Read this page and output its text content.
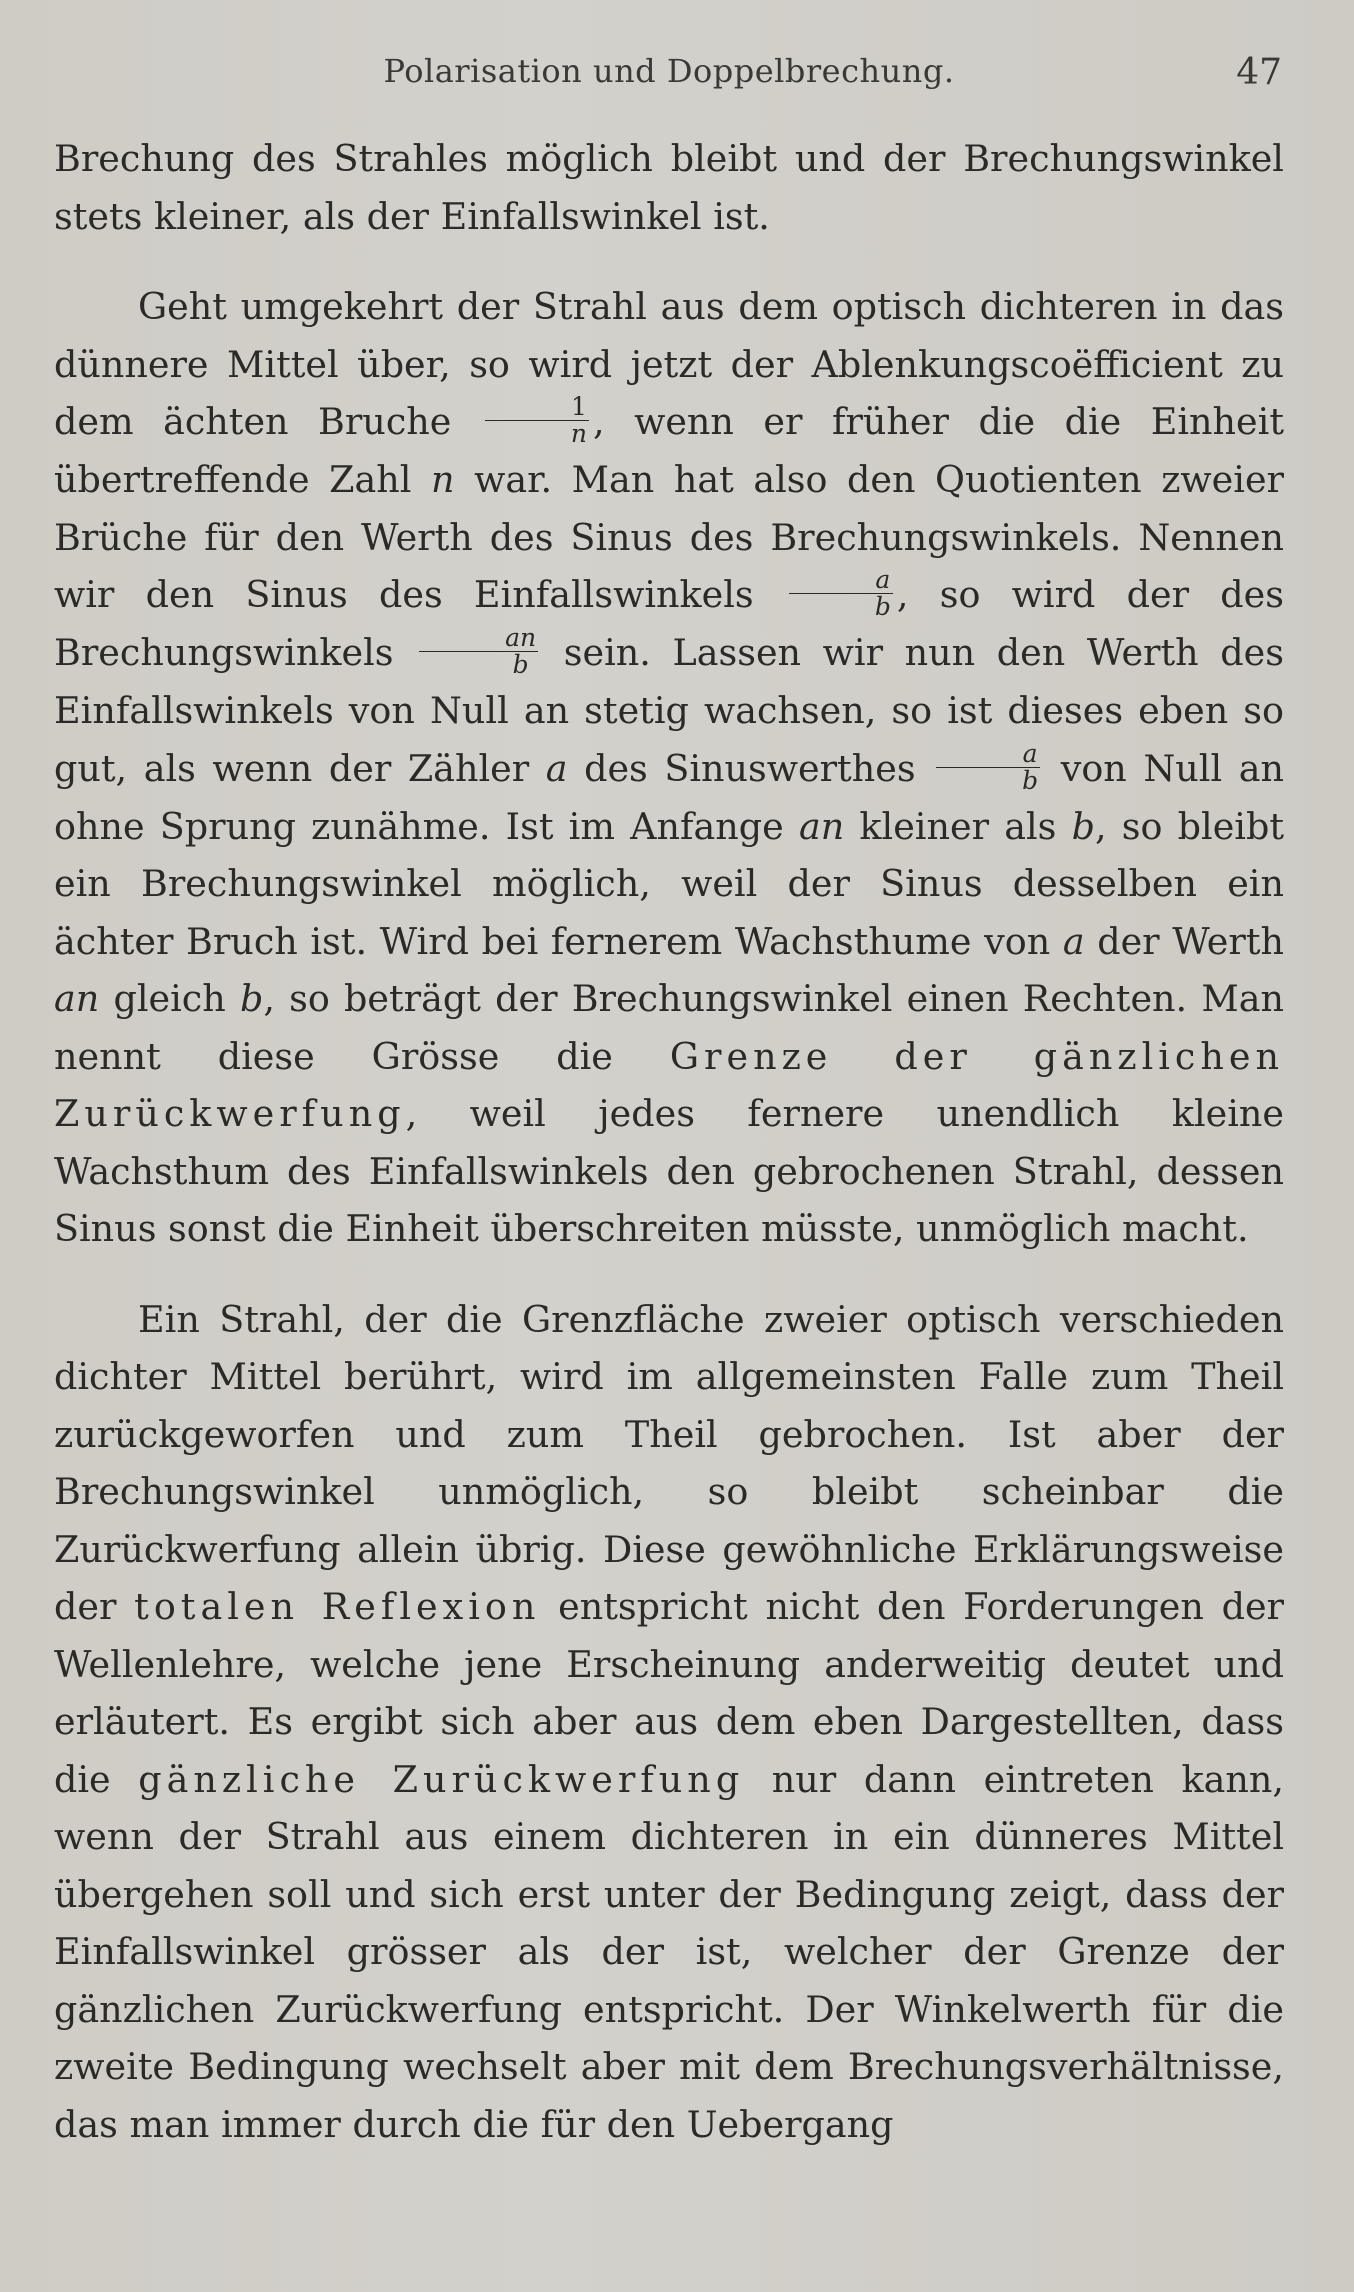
Polarisation und Doppelbrechung.	47

Brechung des Strahles möglich bleibt und der Brechungswinkel stets kleiner, als der Einfallswinkel ist.

Geht umgekehrt der Strahl aus dem optisch dichteren in das dünnere Mittel über, so wird jetzt der Ablenkungscoëfficient zu dem ächten Bruche $\frac{1}{n}$ , wenn er früher die die Einheit übertreffende Zahl n war. Man hat also den Quotienten zweier Brüche für den Werth des Sinus des Brechungswinkels. Nennen wir den Sinus des Einfallswinkels $\frac{a}{b}$ , so wird der des Brechungswinkels $\frac{an}{b}$ sein. Lassen wir nun den Werth des Einfallswinkels von Null an stetig wachsen, so ist dieses eben so gut, als wenn der Zähler a des Sinuswerthes $\frac{a}{b}$ von Null an ohne Sprung zunähme. Ist im Anfange an kleiner als b, so bleibt ein Brechungswinkel möglich, weil der Sinus desselben ein ächter Bruch ist. Wird bei fernerem Wachsthume von a der Werth an gleich b, so beträgt der Brechungswinkel einen Rechten. Man nennt diese Grösse die Grenze der gänzlichen Zurückwerfung, weil jedes fernere unendlich kleine Wachsthum des Einfallswinkels den gebrochenen Strahl, dessen Sinus sonst die Einheit überschreiten müsste, unmöglich macht.

Ein Strahl, der die Grenzfläche zweier optisch verschieden dichter Mittel berührt, wird im allgemeinsten Falle zum Theil zurückgeworfen und zum Theil gebrochen. Ist aber der Brechungswinkel unmöglich, so bleibt scheinbar die Zurückwerfung allein übrig. Diese gewöhnliche Erklärungsweise der totalen Reflexion entspricht nicht den Forderungen der Wellenlehre, welche jene Erscheinung anderweitig deutet und erläutert. Es ergibt sich aber aus dem eben Dargestellten, dass die gänzliche Zurückwerfung nur dann eintreten kann, wenn der Strahl aus einem dichteren in ein dünneres Mittel übergehen soll und sich erst unter der Bedingung zeigt, dass der Einfallswinkel grösser als der ist, welcher der Grenze der gänzlichen Zurückwerfung entspricht. Der Winkelwerth für die zweite Bedingung wechselt aber mit dem Brechungsverhältnisse, das man immer durch die für den Uebergang
